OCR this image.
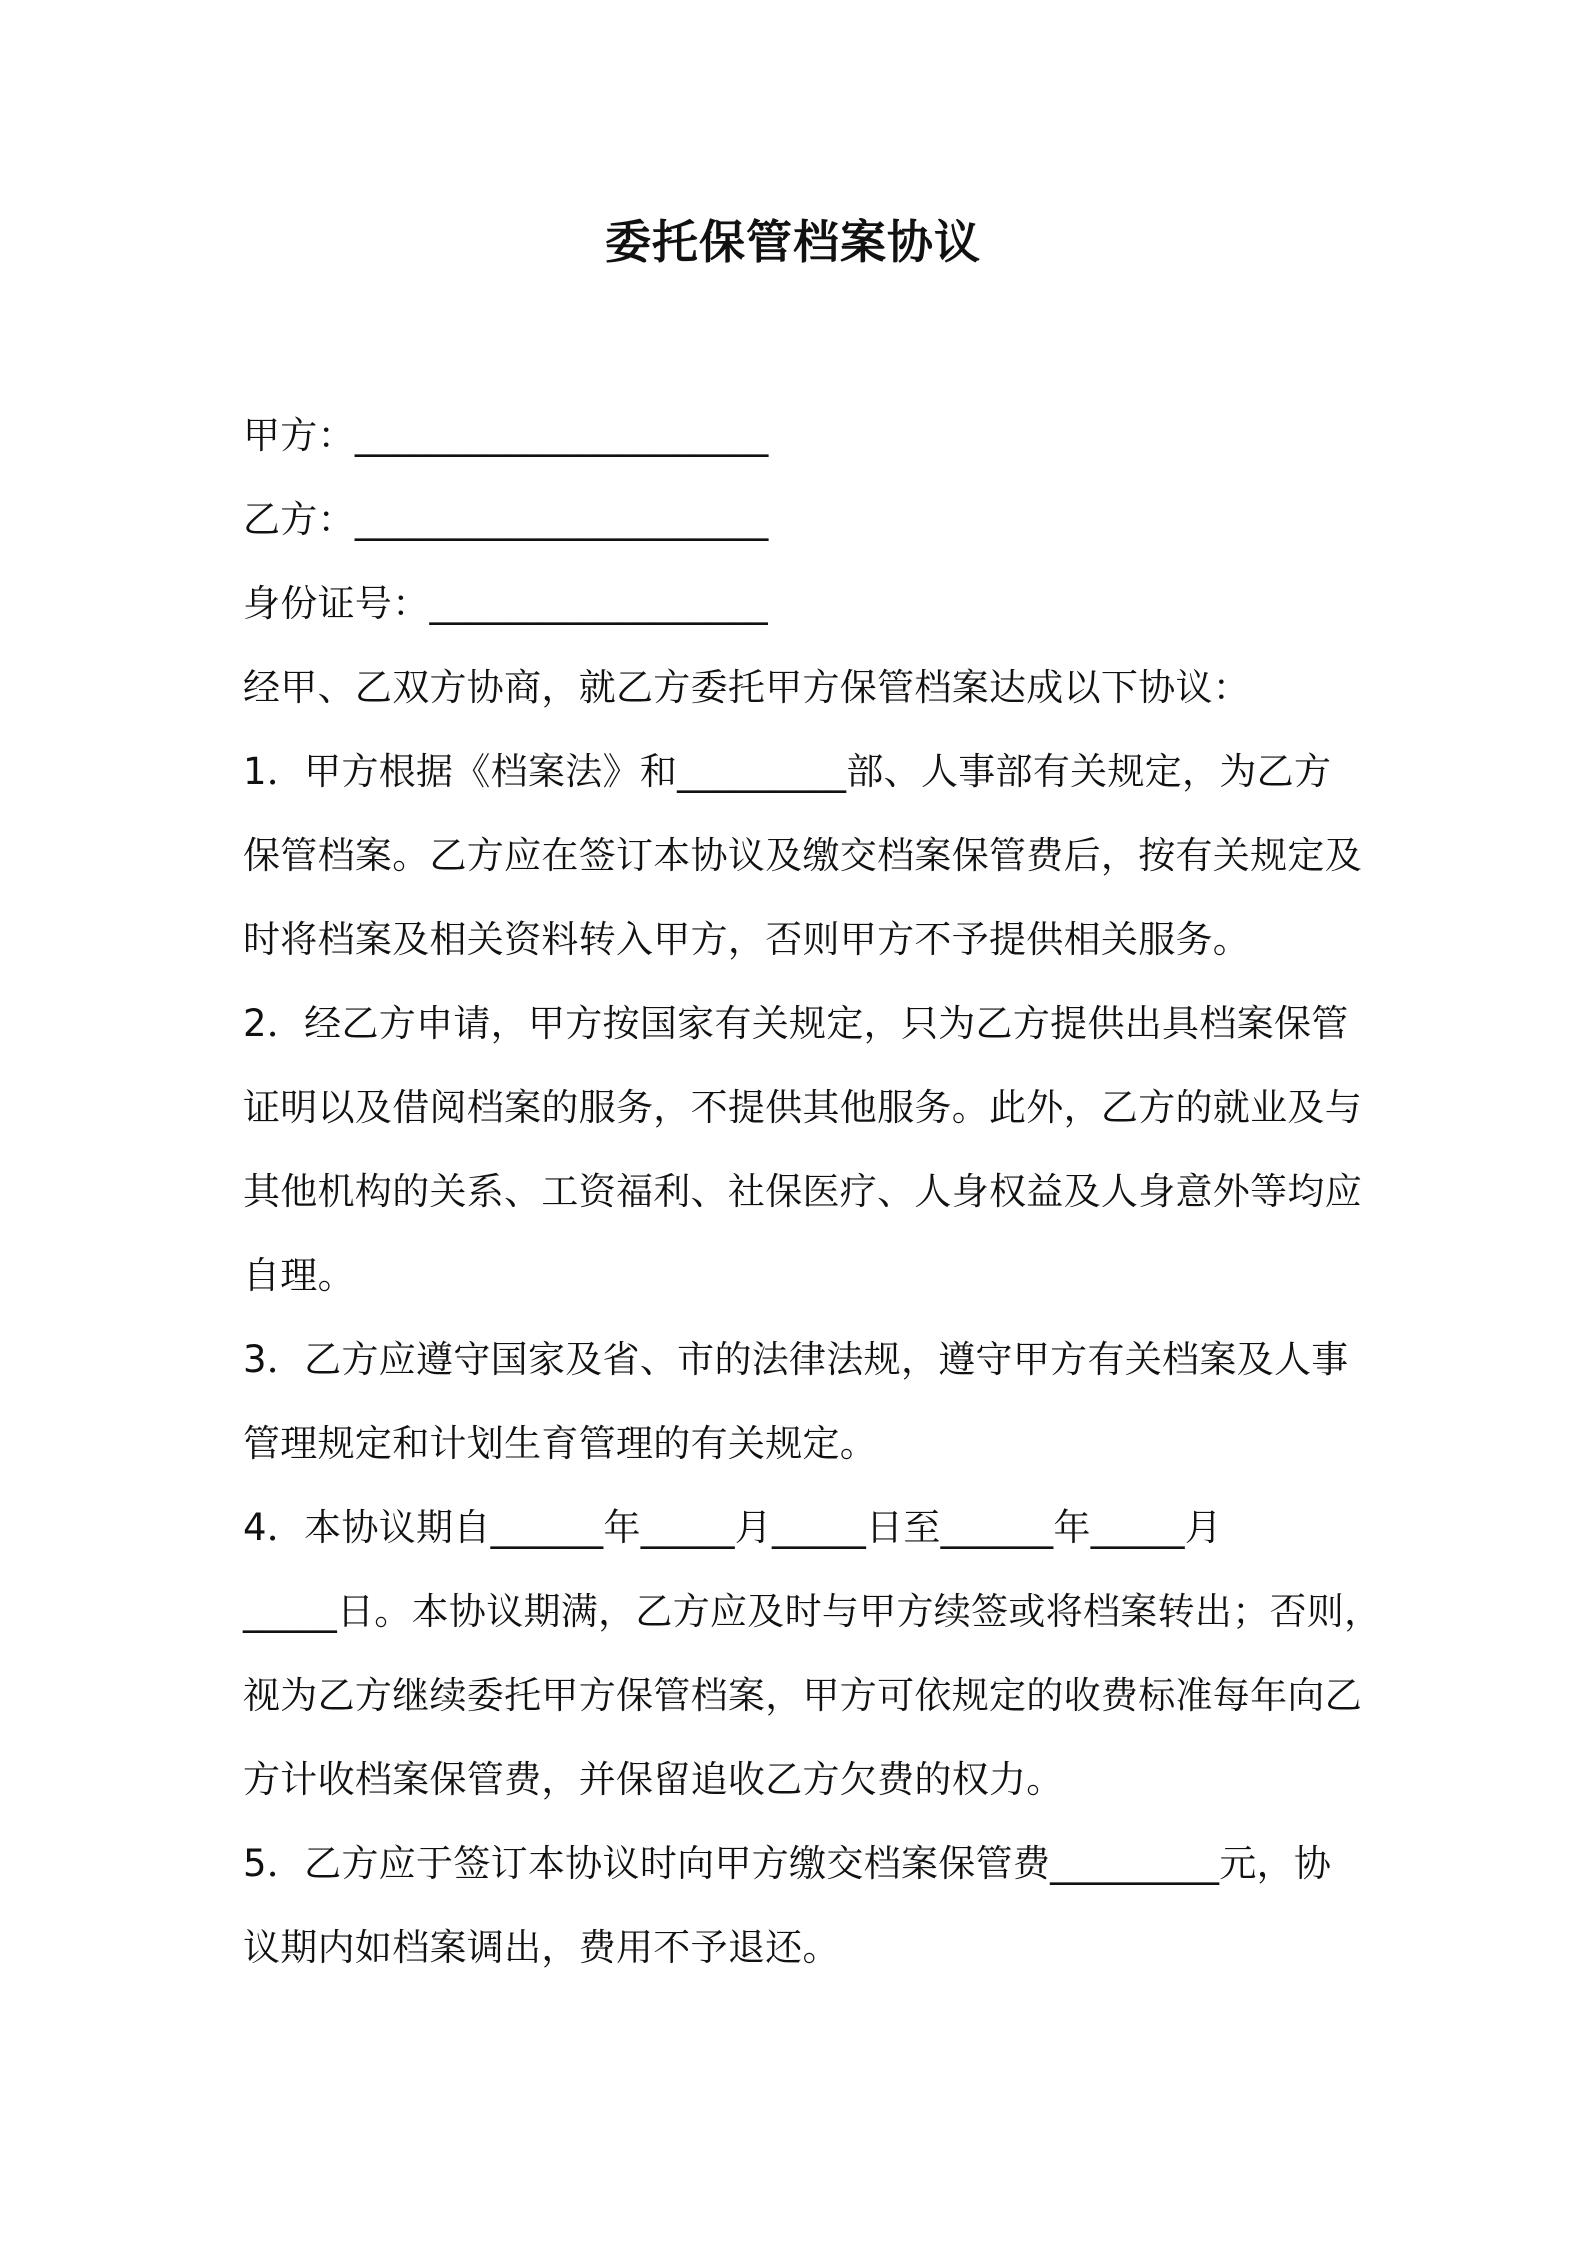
委托保管档案协议
甲方：______________________
乙方：______________________
身份证号：__________________
经甲、乙双方协商，就乙方委托甲方保管档案达成以下协议：
1．甲方根据《档案法》和_________部、人事部有关规定，为乙方
保管档案。乙方应在签订本协议及缴交档案保管费后，按有关规定及
时将档案及相关资料转入甲方，否则甲方不予提供相关服务。
2．经乙方申请，甲方按国家有关规定，只为乙方提供出具档案保管
证明以及借阅档案的服务，不提供其他服务。此外，乙方的就业及与
其他机构的关系、工资福利、社保医疗、人身权益及人身意外等均应
自理。
3．乙方应遵守国家及省、市的法律法规，遵守甲方有关档案及人事
管理规定和计划生育管理的有关规定。
4．本协议期自______年_____月_____日至______年_____月
_____日。本协议期满，乙方应及时与甲方续签或将档案转出；否则，
视为乙方继续委托甲方保管档案，甲方可依规定的收费标准每年向乙
方计收档案保管费，并保留追收乙方欠费的权力。
5．乙方应于签订本协议时向甲方缴交档案保管费_________元，协
议期内如档案调出，费用不予退还。
